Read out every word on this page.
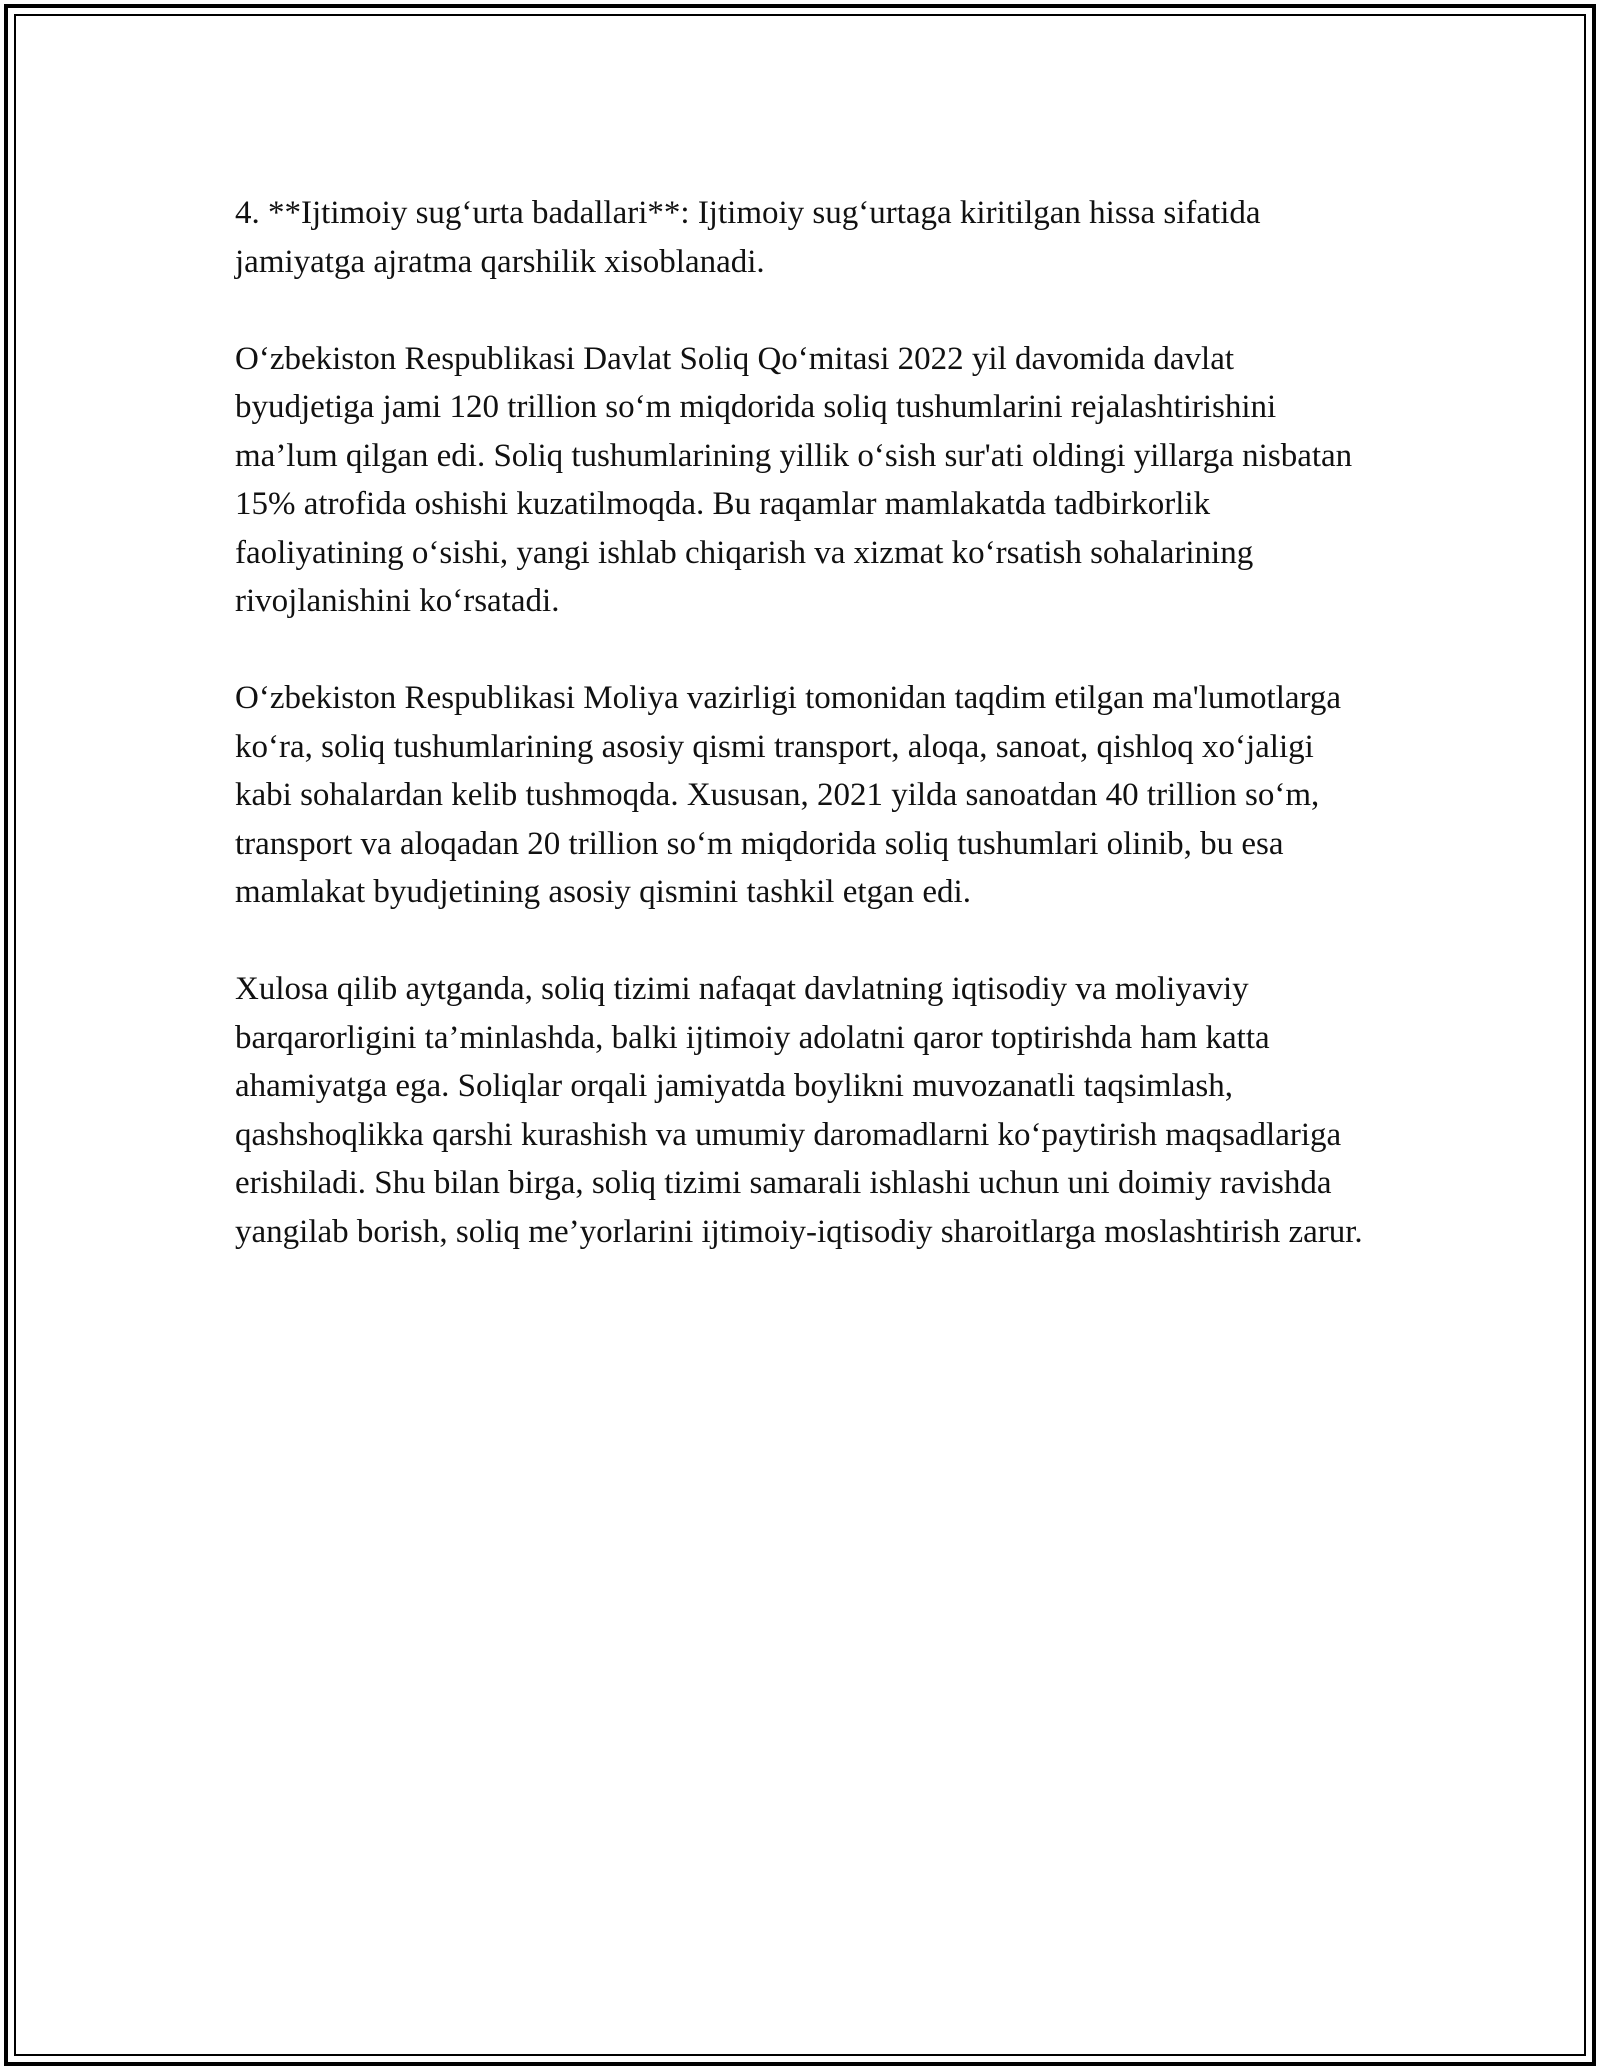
4. **Ijtimoiy sug‘urta badallari**: Ijtimoiy sug‘urtaga kiritilgan hissa sifatida jamiyatga ajratma qarshilik xisoblanadi.

O‘zbekiston Respublikasi Davlat Soliq Qo‘mitasi 2022 yil davomida davlat byudjetiga jami 120 trillion so‘m miqdorida soliq tushumlarini rejalashtirishini ma’lum qilgan edi. Soliq tushumlarining yillik o‘sish sur'ati oldingi yillarga nisbatan 15% atrofida oshishi kuzatilmoqda. Bu raqamlar mamlakatda tadbirkorlik faoliyatining o‘sishi, yangi ishlab chiqarish va xizmat ko‘rsatish sohalarining rivojlanishini ko‘rsatadi.

O‘zbekiston Respublikasi Moliya vazirligi tomonidan taqdim etilgan ma'lumotlarga ko‘ra, soliq tushumlarining asosiy qismi transport, aloqa, sanoat, qishloq xo‘jaligi kabi sohalardan kelib tushmoqda. Xususan, 2021 yilda sanoatdan 40 trillion so‘m, transport va aloqadan 20 trillion so‘m miqdorida soliq tushumlari olinib, bu esa mamlakat byudjetining asosiy qismini tashkil etgan edi.

Xulosa qilib aytganda, soliq tizimi nafaqat davlatning iqtisodiy va moliyaviy barqarorligini ta’minlashda, balki ijtimoiy adolatni qaror toptirishda ham katta ahamiyatga ega. Soliqlar orqali jamiyatda boylikni muvozanatli taqsimlash, qashshoqlikka qarshi kurashish va umumiy daromadlarni ko‘paytirish maqsadlariga erishiladi. Shu bilan birga, soliq tizimi samarali ishlashi uchun uni doimiy ravishda yangilab borish, soliq me’yorlarini ijtimoiy-iqtisodiy sharoitlarga moslashtirish zarur.
